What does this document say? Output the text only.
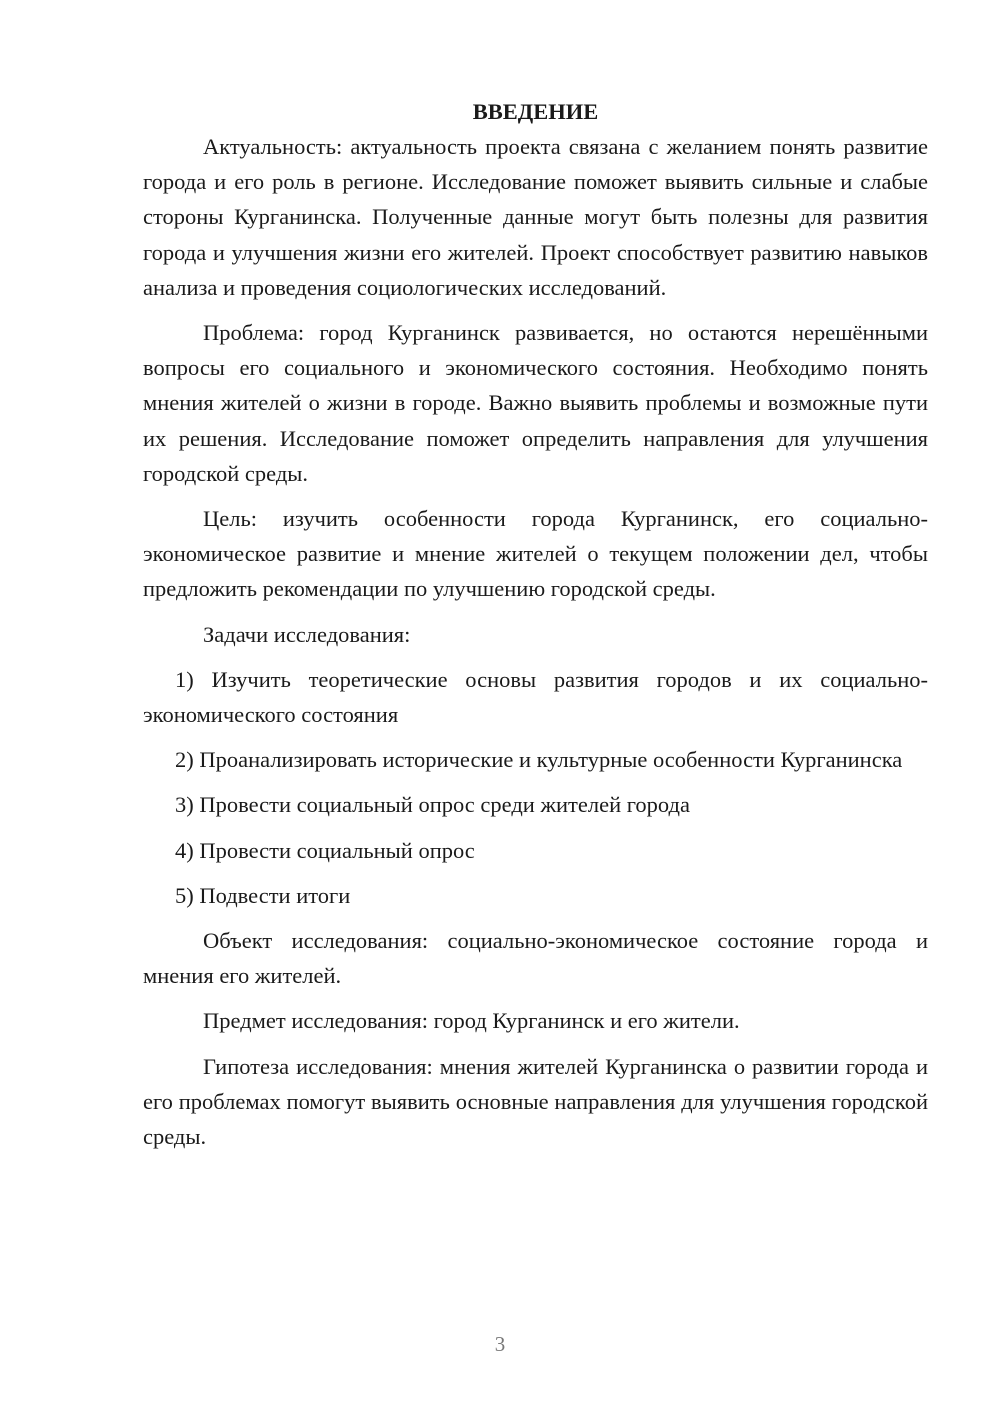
ВВЕДЕНИЕ

Актуальность: актуальность проекта связана с желанием понять развитие города и его роль в регионе. Исследование поможет выявить сильные и слабые стороны Курганинска. Полученные данные могут быть полезны для развития города и улучшения жизни его жителей. Проект способствует развитию навыков анализа и проведения социологических исследований.

Проблема: город Курганинск развивается, но остаются нерешёнными вопросы его социального и экономического состояния. Необходимо понять мнения жителей о жизни в городе. Важно выявить проблемы и возможные пути их решения. Исследование поможет определить направления для улучшения городской среды.

Цель: изучить особенности города Курганинск, его социально-экономическое развитие и мнение жителей о текущем положении дел, чтобы предложить рекомендации по улучшению городской среды.

Задачи исследования:

1) Изучить теоретические основы развития городов и их социально-экономического состояния

2) Проанализировать исторические и культурные особенности Курганинска

3) Провести социальный опрос среди жителей города

4) Провести социальный опрос

5) Подвести итоги

Объект исследования: социально-экономическое состояние города и мнения его жителей.

Предмет исследования: город Курганинск и его жители.

Гипотеза исследования: мнения жителей Курганинска о развитии города и его проблемах помогут выявить основные направления для улучшения городской среды.

3
